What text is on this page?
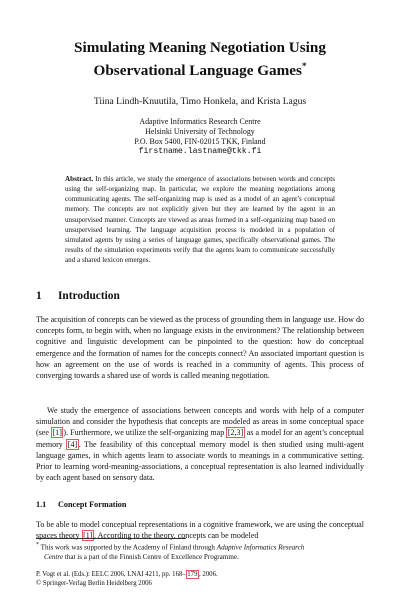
Simulating Meaning Negotiation Using
Observational Language Games*
Tiina Lindh-Knuutila, Timo Honkela, and Krista Lagus
Adaptive Informatics Research Centre
Helsinki University of Technology
P.O. Box 5400, FIN-02015 TKK, Finland
firstname.lastname@tkk.fi
Abstract. In this article, we study the emergence of associations between words and concepts using the self-organizing map. In particular, we explore the meaning negotiations among communicating agents. The self-organizing map is used as a model of an agent’s conceptual memory. The concepts are not explicitly given but they are learned by the agent in an unsupervised manner. Concepts are viewed as areas formed in a self-organizing map based on unsupervised learning. The language acquisition process is modeled in a population of simulated agents by using a series of language games, specifically observational games. The results of the simulation experiments verify that the agents learn to communicate successfully and a shared lexicon emerges.
1 Introduction
The acquisition of concepts can be viewed as the process of grounding them in language use. How do concepts form, to begin with, when no language exists in the environment? The relationship between cognitive and linguistic development can be pinpointed to the question: how do conceptual emergence and the formation of names for the concepts connect? An associated important question is how an agreement on the use of words is reached in a community of agents. This process of converging towards a shared use of words is called meaning negotiation.
We study the emergence of associations between concepts and words with help of a computer simulation and consider the hypothesis that concepts are modeled as areas in some conceptual space (see [1] ). Furthermore, we utilize the self-organizing map [2,3] as a model for an agent’s conceptual memory [4] . The feasibility of this conceptual memory model is then studied using multi-agent language games, in which agents learn to associate words to meanings in a communicative setting. Prior to learning word-meaning-associations, a conceptual representation is also learned individually by each agent based on sensory data.
1.1 Concept Formation
To be able to model conceptual representations in a cognitive framework, we are using the conceptual spaces theory [1] . According to the theory, concepts can be modeled
* This work was supported by the Academy of Finland through Adaptive Informatics Research
Centre that is a part of the Finnish Centre of Excellence Programme.
P. Vogt et al. (Eds.): EELC 2006, LNAI 4211, pp. 168– 179 , 2006.
© Springer-Verlag Berlin Heidelberg 2006
